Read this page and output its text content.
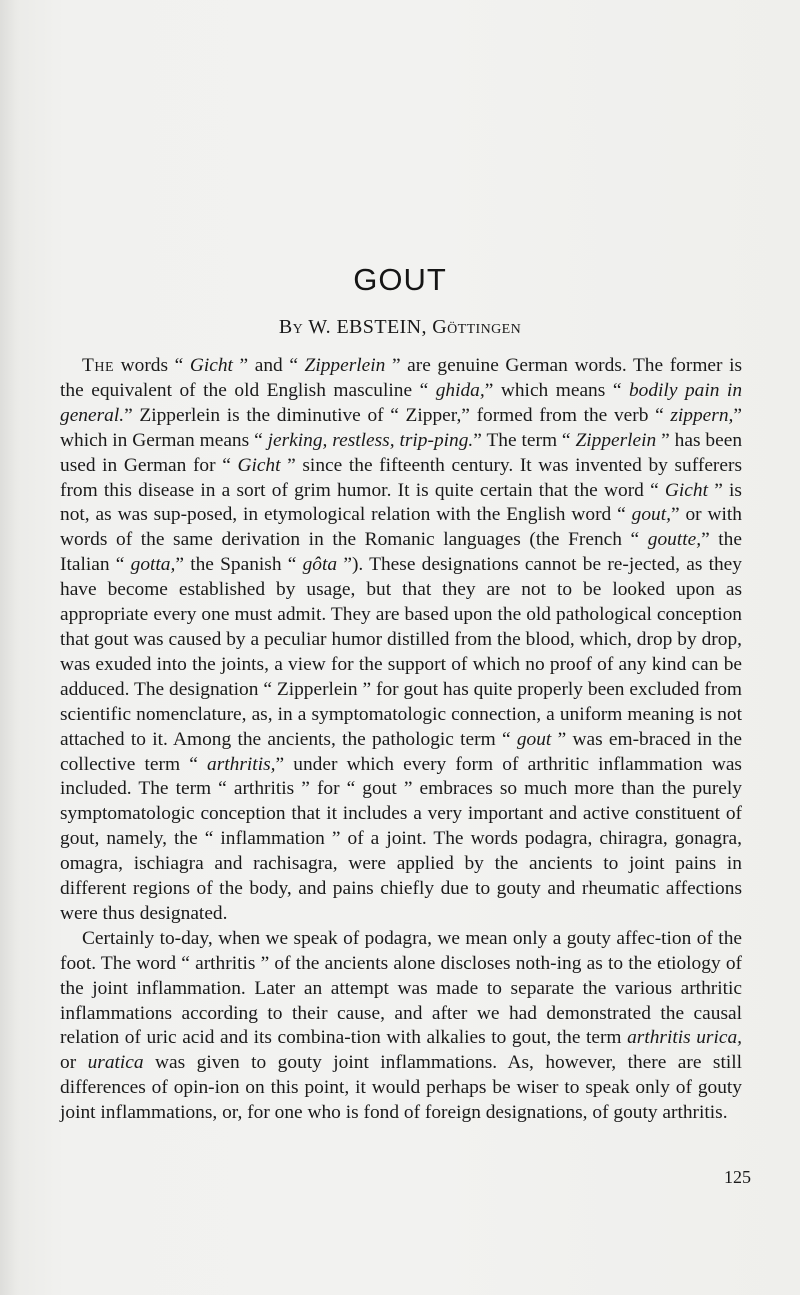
GOUT
By W. EBSTEIN, Göttingen

The words “ Gicht ” and “ Zipperlein ” are genuine German words. The former is the equivalent of the old English masculine “ ghida,” which means “ bodily pain in general.” Zipperlein is the diminutive of “ Zipper,” formed from the verb “ zippern,” which in German means “ jerking, restless, trip-ping.” The term “ Zipperlein ” has been used in German for “ Gicht ” since the fifteenth century. It was invented by sufferers from this disease in a sort of grim humor. It is quite certain that the word “ Gicht ” is not, as was sup-posed, in etymological relation with the English word “ gout,” or with words of the same derivation in the Romanic languages (the French “ goutte,” the Italian “ gotta,” the Spanish “ gôta ”). These designations cannot be re-jected, as they have become established by usage, but that they are not to be looked upon as appropriate every one must admit. They are based upon the old pathological conception that gout was caused by a peculiar humor distilled from the blood, which, drop by drop, was exuded into the joints, a view for the support of which no proof of any kind can be adduced. The designation “ Zipperlein ” for gout has quite properly been excluded from scientific nomenclature, as, in a symptomatologic connection, a uniform meaning is not attached to it. Among the ancients, the pathologic term “ gout ” was em-braced in the collective term “ arthritis,” under which every form of arthritic inflammation was included. The term “ arthritis ” for “ gout ” embraces so much more than the purely symptomatologic conception that it includes a very important and active constituent of gout, namely, the “ inflammation ” of a joint. The words podagra, chiragra, gonagra, omagra, ischiagra and rachisagra, were applied by the ancients to joint pains in different regions of the body, and pains chiefly due to gouty and rheumatic affections were thus designated.

Certainly to-day, when we speak of podagra, we mean only a gouty affec-tion of the foot. The word “ arthritis ” of the ancients alone discloses noth-ing as to the etiology of the joint inflammation. Later an attempt was made to separate the various arthritic inflammations according to their cause, and after we had demonstrated the causal relation of uric acid and its combina-tion with alkalies to gout, the term arthritis urica, or uratica was given to gouty joint inflammations. As, however, there are still differences of opin-ion on this point, it would perhaps be wiser to speak only of gouty joint inflammations, or, for one who is fond of foreign designations, of gouty arthritis.

125
